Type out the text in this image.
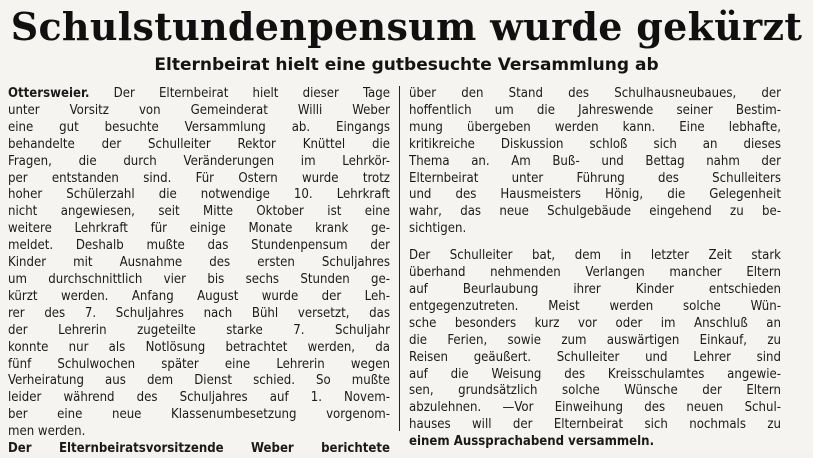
Schulstundenpensum wurde gekürzt
Elternbeirat hielt eine gutbesuchte Versammlung ab

Ottersweier. Der Elternbeirat hielt dieser Tage
unter Vorsitz von Gemeinderat Willi Weber
eine gut besuchte Versammlung ab. Eingangs
behandelte der Schulleiter Rektor Knüttel die
Fragen, die durch Veränderungen im Lehrkör-
per entstanden sind. Für Ostern wurde trotz
hoher Schülerzahl die notwendige 10. Lehrkraft
nicht angewiesen, seit Mitte Oktober ist eine
weitere Lehrkraft für einige Monate krank ge-
meldet. Deshalb mußte das Stundenpensum der
Kinder mit Ausnahme des ersten Schuljahres
um durchschnittlich vier bis sechs Stunden ge-
kürzt werden. Anfang August wurde der Leh-
rer des 7. Schuljahres nach Bühl versetzt, das
der Lehrerin zugeteilte starke 7. Schuljahr
konnte nur als Notlösung betrachtet werden, da
fünf Schulwochen später eine Lehrerin wegen
Verheiratung aus dem Dienst schied. So mußte
leider während des Schuljahres auf 1. Novem-
ber eine neue Klassenumbesetzung vorgenom-
men werden.

Der Elternbeiratsvorsitzende Weber berichtete

über den Stand des Schulhausneubaues, der
hoffentlich um die Jahreswende seiner Bestim-
mung übergeben werden kann. Eine lebhafte,
kritikreiche Diskussion schloß sich an dieses
Thema an. Am Buß- und Bettag nahm der
Elternbeirat unter Führung des Schulleiters
und des Hausmeisters Hönig, die Gelegenheit
wahr, das neue Schulgebäude eingehend zu be-
sichtigen.

Der Schulleiter bat, dem in letzter Zeit stark
überhand nehmenden Verlangen mancher Eltern
auf Beurlaubung ihrer Kinder entschieden
entgegenzutreten. Meist werden solche Wün-
sche besonders kurz vor oder im Anschluß an
die Ferien, sowie zum auswärtigen Einkauf, zu
Reisen geäußert. Schulleiter und Lehrer sind
auf die Weisung des Kreisschulamtes angewie-
sen, grundsätzlich solche Wünsche der Eltern
abzulehnen. —Vor Einweihung des neuen Schul-
hauses will der Elternbeirat sich nochmals zu
einem Aussprachabend versammeln.
